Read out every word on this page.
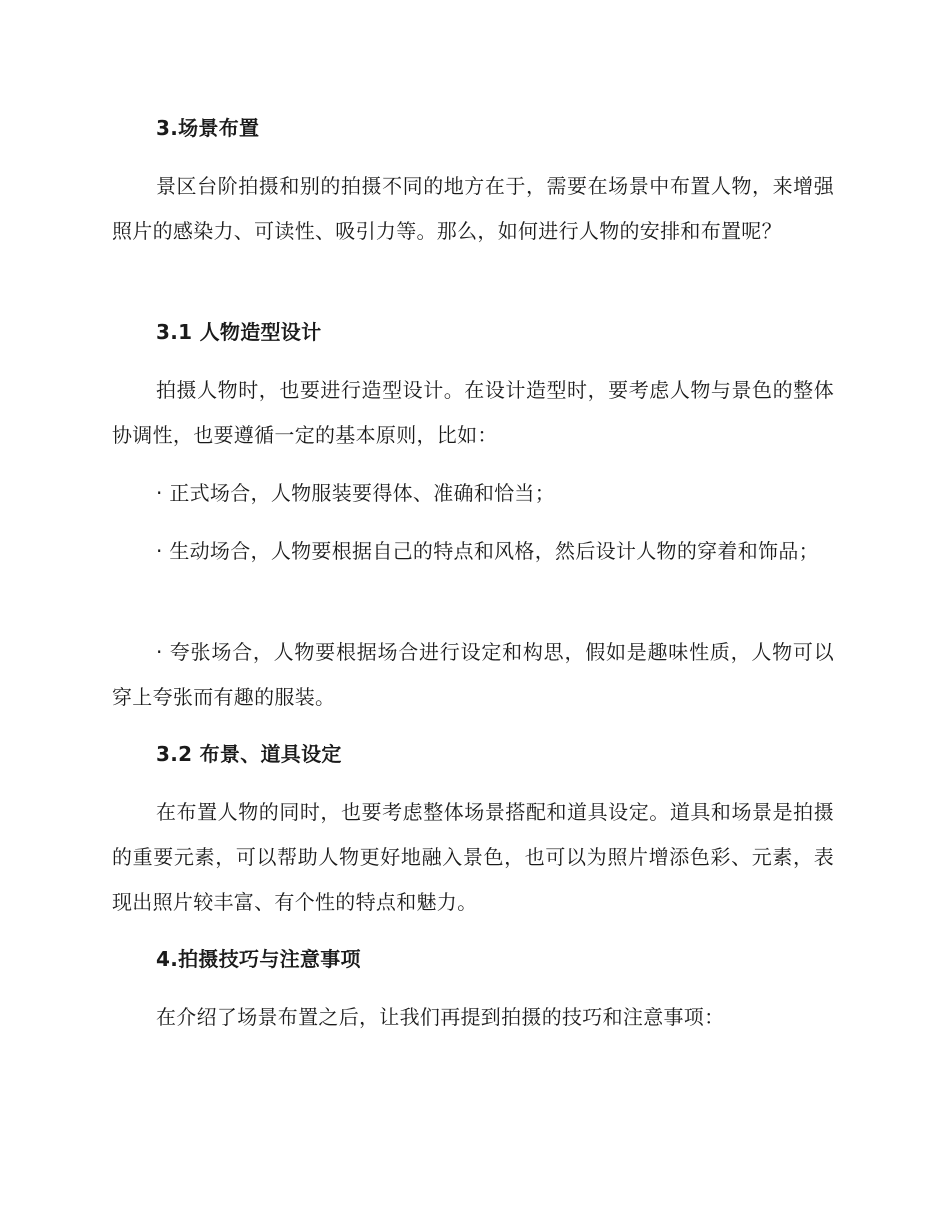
3.场景布置

景区台阶拍摄和别的拍摄不同的地方在于，需要在场景中布置人物，来增强照片的感染力、可读性、吸引力等。那么，如何进行人物的安排和布置呢？

3.1 人物造型设计

拍摄人物时，也要进行造型设计。在设计造型时，要考虑人物与景色的整体协调性，也要遵循一定的基本原则，比如：

· 正式场合，人物服装要得体、准确和恰当；

· 生动场合，人物要根据自己的特点和风格，然后设计人物的穿着和饰品；

· 夸张场合，人物要根据场合进行设定和构思，假如是趣味性质，人物可以穿上夸张而有趣的服装。

3.2 布景、道具设定

在布置人物的同时，也要考虑整体场景搭配和道具设定。道具和场景是拍摄的重要元素，可以帮助人物更好地融入景色，也可以为照片增添色彩、元素，表现出照片较丰富、有个性的特点和魅力。

4.拍摄技巧与注意事项

在介绍了场景布置之后，让我们再提到拍摄的技巧和注意事项：
